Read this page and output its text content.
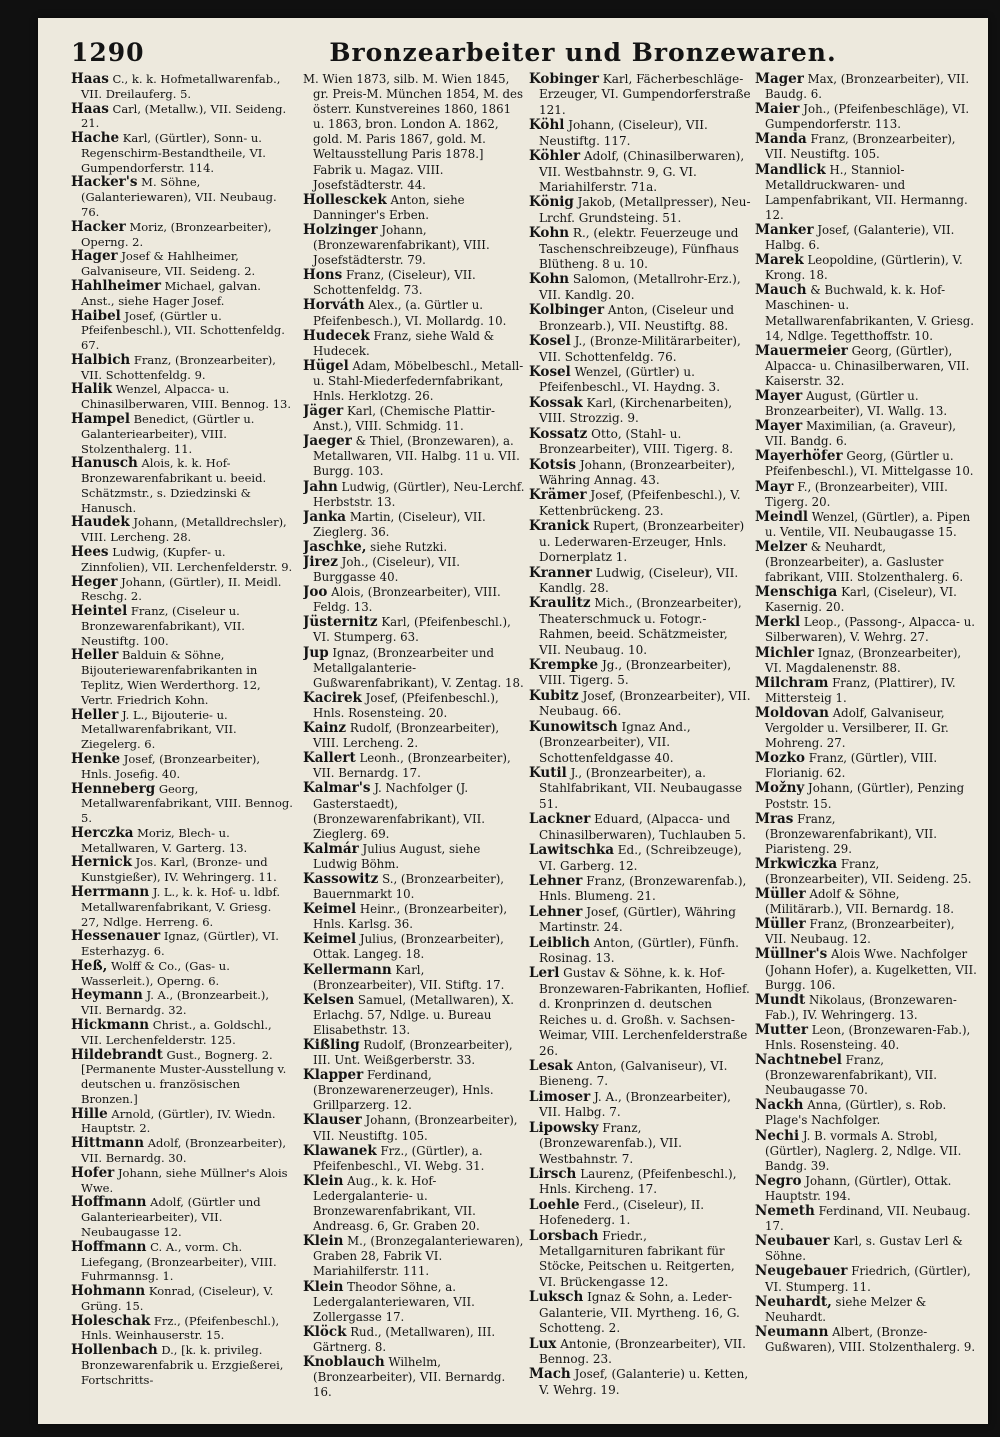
1290	Bronzearbeiter und Bronzewaren.

Haas C., k. k. Hofmetallwarenfab., VII. Dreilauferg. 5.

Haas Carl, (Metallw.), VII. Seideng. 21.

Hache Karl, (Gürtler), Sonn- u. Regenschirm-Bestandtheile, VI. Gumpendorferstr. 114.

Hacker's M. Söhne, (Galanteriewaren), VII. Neubaug. 76.

Hacker Moriz, (Bronzearbeiter), Operng. 2.

Hager Josef & Hahlheimer, Galvaniseure, VII. Seideng. 2.

Hahlheimer Michael, galvan. Anst., siehe Hager Josef.

Haibel Josef, (Gürtler u. Pfeifenbeschl.), VII. Schottenfeldg. 67.

Halbich Franz, (Bronzearbeiter), VII. Schottenfeldg. 9.

Halik Wenzel, Alpacca- u. Chinasilberwaren, VIII. Bennog. 13.

Hampel Benedict, (Gürtler u. Galanteriearbeiter), VIII. Stolzenthalerg. 11.

Hanusch Alois, k. k. Hof-Bronzewarenfabrikant u. beeid. Schätzmstr., s. Dziedzinski & Hanusch.

Haudek Johann, (Metalldrechsler), VIII. Lercheng. 28.

Hees Ludwig, (Kupfer- u. Zinnfolien), VII. Lerchenfelderstr. 9.

Heger Johann, (Gürtler), II. Meidl. Reschg. 2.

Heintel Franz, (Ciseleur u. Bronzewarenfabrikant), VII. Neustiftg. 100.

Heller Balduin & Söhne, Bijouteriewarenfabrikanten in Teplitz, Wien Werderthorg. 12, Vertr. Friedrich Kohn.

Heller J. L., Bijouterie- u. Metallwarenfabrikant, VII. Ziegelerg. 6.

Henke Josef, (Bronzearbeiter), Hnls. Josefig. 40.

Henneberg Georg, Metallwarenfabrikant, VIII. Bennog. 5.

Herczka Moriz, Blech- u. Metallwaren, V. Garterg. 13.

Hernick Jos. Karl, (Bronze- und Kunstgießer), IV. Wehringerg. 11.

Herrmann J. L., k. k. Hof- u. ldbf. Metallwarenfabrikant, V. Griesg. 27, Ndlge. Herreng. 6.

Hessenauer Ignaz, (Gürtler), VI. Esterhazyg. 6.

Heß, Wolff & Co., (Gas- u. Wasserleit.), Operng. 6.

Heymann J. A., (Bronzearbeit.), VII. Bernardg. 32.

Hickmann Christ., a. Goldschl., VII. Lerchenfelderstr. 125.

Hildebrandt Gust., Bognerg. 2. [Permanente Muster-Ausstellung v. deutschen u. französischen Bronzen.]

Hille Arnold, (Gürtler), IV. Wiedn. Hauptstr. 2.

Hittmann Adolf, (Bronzearbeiter), VII. Bernardg. 30.

Hofer Johann, siehe Müllner's Alois Wwe.

Hoffmann Adolf, (Gürtler und Galanteriearbeiter), VII. Neubaugasse 12.

Hoffmann C. A., vorm. Ch. Liefegang, (Bronzearbeiter), VIII. Fuhrmannsg. 1.

Hohmann Konrad, (Ciseleur), V. Grüng. 15.

Holeschak Frz., (Pfeifenbeschl.), Hnls. Weinhauserstr. 15.

Hollenbach D., [k. k. privileg. Bronzewarenfabrik u. Erzgießerei, Fortschritts-

M. Wien 1873, silb. M. Wien 1845, gr. Preis-M. München 1854, M. des österr. Kunstvereines 1860, 1861 u. 1863, bron. London A. 1862, gold. M. Paris 1867, gold. M. Weltausstellung Paris 1878.] Fabrik u. Magaz. VIII. Josefstädterstr. 44.

Hollesckek Anton, siehe Danninger's Erben.

Holzinger Johann, (Bronzewarenfabrikant), VIII. Josefstädterstr. 79.

Hons Franz, (Ciseleur), VII. Schottenfeldg. 73.

Horváth Alex., (a. Gürtler u. Pfeifenbesch.), VI. Mollardg. 10.

Hudecek Franz, siehe Wald & Hudecek.

Hügel Adam, Möbelbeschl., Metall- u. Stahl-Miederfedernfabrikant, Hnls. Herklotzg. 26.

Jäger Karl, (Chemische Plattir-Anst.), VIII. Schmidg. 11.

Jaeger & Thiel, (Bronzewaren), a. Metallwaren, VII. Halbg. 11 u. VII. Burgg. 103.

Jahn Ludwig, (Gürtler), Neu-Lerchf. Herbststr. 13.

Janka Martin, (Ciseleur), VII. Zieglerg. 36.

Jaschke, siehe Rutzki.

Jirez Joh., (Ciseleur), VII. Burggasse 40.

Joo Alois, (Bronzearbeiter), VIII. Feldg. 13.

Jüsternitz Karl, (Pfeifenbeschl.), VI. Stumperg. 63.

Jup Ignaz, (Bronzearbeiter und Metallgalanterie-Gußwarenfabrikant), V. Zentag. 18.

Kacirek Josef, (Pfeifenbeschl.), Hnls. Rosensteing. 20.

Kainz Rudolf, (Bronzearbeiter), VIII. Lercheng. 2.

Kallert Leonh., (Bronzearbeiter), VII. Bernardg. 17.

Kalmar's J. Nachfolger (J. Gasterstaedt), (Bronzewarenfabrikant), VII. Zieglerg. 69.

Kalmár Julius August, siehe Ludwig Böhm.

Kassowitz S., (Bronzearbeiter), Bauernmarkt 10.

Keimel Heinr., (Bronzearbeiter), Hnls. Karlsg. 36.

Keimel Julius, (Bronzearbeiter), Ottak. Langeg. 18.

Kellermann Karl, (Bronzearbeiter), VII. Stiftg. 17.

Kelsen Samuel, (Metallwaren), X. Erlachg. 57, Ndlge. u. Bureau Elisabethstr. 13.

Kißling Rudolf, (Bronzearbeiter), III. Unt. Weißgerberstr. 33.

Klapper Ferdinand, (Bronzewarenerzeuger), Hnls. Grillparzerg. 12.

Klauser Johann, (Bronzearbeiter), VII. Neustiftg. 105.

Klawanek Frz., (Gürtler), a. Pfeifenbeschl., VI. Webg. 31.

Klein Aug., k. k. Hof-Ledergalanterie- u. Bronzewarenfabrikant, VII. Andreasg. 6, Gr. Graben 20.

Klein M., (Bronzegalanteriewaren), Graben 28, Fabrik VI. Mariahilferstr. 111.

Klein Theodor Söhne, a. Ledergalanteriewaren, VII. Zollergasse 17.

Klöck Rud., (Metallwaren), III. Gärtnerg. 8.

Knoblauch Wilhelm, (Bronzearbeiter), VII. Bernardg. 16.

Kobinger Karl, Fächerbeschläge-Erzeuger, VI. Gumpendorferstraße 121.

Köhl Johann, (Ciseleur), VII. Neustiftg. 117.

Köhler Adolf, (Chinasilberwaren), VII. Westbahnstr. 9, G. VI. Mariahilferstr. 71a.

König Jakob, (Metallpresser), Neu-Lrchf. Grundsteing. 51.

Kohn R., (elektr. Feuerzeuge und Taschenschreibzeuge), Fünfhaus Blütheng. 8 u. 10.

Kohn Salomon, (Metallrohr-Erz.), VII. Kandlg. 20.

Kolbinger Anton, (Ciseleur und Bronzearb.), VII. Neustiftg. 88.

Kosel J., (Bronze-Militärarbeiter), VII. Schottenfeldg. 76.

Kosel Wenzel, (Gürtler) u. Pfeifenbeschl., VI. Haydng. 3.

Kossak Karl, (Kirchenarbeiten), VIII. Strozzig. 9.

Kossatz Otto, (Stahl- u. Bronzearbeiter), VIII. Tigerg. 8.

Kotsis Johann, (Bronzearbeiter), Währing Annag. 43.

Krämer Josef, (Pfeifenbeschl.), V. Kettenbrückeng. 23.

Kranick Rupert, (Bronzearbeiter) u. Lederwaren-Erzeuger, Hnls. Dornerplatz 1.

Kranner Ludwig, (Ciseleur), VII. Kandlg. 28.

Kraulitz Mich., (Bronzearbeiter), Theaterschmuck u. Fotogr.-Rahmen, beeid. Schätzmeister, VII. Neubaug. 10.

Krempke Jg., (Bronzearbeiter), VIII. Tigerg. 5.

Kubitz Josef, (Bronzearbeiter), VII. Neubaug. 66.

Kunowitsch Ignaz And., (Bronzearbeiter), VII. Schottenfeldgasse 40.

Kutil J., (Bronzearbeiter), a. Stahlfabrikant, VII. Neubaugasse 51.

Lackner Eduard, (Alpacca- und Chinasilberwaren), Tuchlauben 5.

Lawitschka Ed., (Schreibzeuge), VI. Garberg. 12.

Lehner Franz, (Bronzewarenfab.), Hnls. Blumeng. 21.

Lehner Josef, (Gürtler), Währing Martinstr. 24.

Leiblich Anton, (Gürtler), Fünfh. Rosinag. 13.

Lerl Gustav & Söhne, k. k. Hof-Bronzewaren-Fabrikanten, Hoflief. d. Kronprinzen d. deutschen Reiches u. d. Großh. v. Sachsen-Weimar, VIII. Lerchenfelderstraße 26.

Lesak Anton, (Galvaniseur), VI. Bieneng. 7.

Limoser J. A., (Bronzearbeiter), VII. Halbg. 7.

Lipowsky Franz, (Bronzewarenfab.), VII. Westbahnstr. 7.

Lirsch Laurenz, (Pfeifenbeschl.), Hnls. Kircheng. 17.

Loehle Ferd., (Ciseleur), II. Hofenederg. 1.

Lorsbach Friedr., Metallgarnituren fabrikant für Stöcke, Peitschen u. Reitgerten, VI. Brückengasse 12.

Luksch Ignaz & Sohn, a. Leder-Galanterie, VII. Myrtheng. 16, G. Schotteng. 2.

Lux Antonie, (Bronzearbeiter), VII. Bennog. 23.

Mach Josef, (Galanterie) u. Ketten, V. Wehrg. 19.

Mager Max, (Bronzearbeiter), VII. Baudg. 6.

Maier Joh., (Pfeifenbeschläge), VI. Gumpendorferstr. 113.

Manda Franz, (Bronzearbeiter), VII. Neustiftg. 105.

Mandlick H., Stanniol-Metalldruckwaren- und Lampenfabrikant, VII. Hermanng. 12.

Manker Josef, (Galanterie), VII. Halbg. 6.

Marek Leopoldine, (Gürtlerin), V. Krong. 18.

Mauch & Buchwald, k. k. Hof-Maschinen- u. Metallwarenfabrikanten, V. Griesg. 14, Ndlge. Tegetthoffstr. 10.

Mauermeier Georg, (Gürtler), Alpacca- u. Chinasilberwaren, VII. Kaiserstr. 32.

Mayer August, (Gürtler u. Bronzearbeiter), VI. Wallg. 13.

Mayer Maximilian, (a. Graveur), VII. Bandg. 6.

Mayerhöfer Georg, (Gürtler u. Pfeifenbeschl.), VI. Mittelgasse 10.

Mayr F., (Bronzearbeiter), VIII. Tigerg. 20.

Meindl Wenzel, (Gürtler), a. Pipen u. Ventile, VII. Neubaugasse 15.

Melzer & Neuhardt, (Bronzearbeiter), a. Gasluster fabrikant, VIII. Stolzenthalerg. 6.

Menschiga Karl, (Ciseleur), VI. Kasernig. 20.

Merkl Leop., (Passong-, Alpacca- u. Silberwaren), V. Wehrg. 27.

Michler Ignaz, (Bronzearbeiter), VI. Magdalenenstr. 88.

Milchram Franz, (Plattirer), IV. Mittersteig 1.

Moldovan Adolf, Galvaniseur, Vergolder u. Versilberer, II. Gr. Mohreng. 27.

Mozko Franz, (Gürtler), VIII. Florianig. 62.

Možny Johann, (Gürtler), Penzing Poststr. 15.

Mras Franz, (Bronzewarenfabrikant), VII. Piaristeng. 29.

Mrkwiczka Franz, (Bronzearbeiter), VII. Seideng. 25.

Müller Adolf & Söhne, (Militärarb.), VII. Bernardg. 18.

Müller Franz, (Bronzearbeiter), VII. Neubaug. 12.

Müllner's Alois Wwe. Nachfolger (Johann Hofer), a. Kugelketten, VII. Burgg. 106.

Mundt Nikolaus, (Bronzewaren-Fab.), IV. Wehringerg. 13.

Mutter Leon, (Bronzewaren-Fab.), Hnls. Rosensteing. 40.

Nachtnebel Franz, (Bronzewarenfabrikant), VII. Neubaugasse 70.

Nackh Anna, (Gürtler), s. Rob. Plage's Nachfolger.

Nechi J. B. vormals A. Strobl, (Gürtler), Naglerg. 2, Ndlge. VII. Bandg. 39.

Negro Johann, (Gürtler), Ottak. Hauptstr. 194.

Nemeth Ferdinand, VII. Neubaug. 17.

Neubauer Karl, s. Gustav Lerl & Söhne.

Neugebauer Friedrich, (Gürtler), VI. Stumperg. 11.

Neuhardt, siehe Melzer & Neuhardt.

Neumann Albert, (Bronze-Gußwaren), VIII. Stolzenthalerg. 9.
